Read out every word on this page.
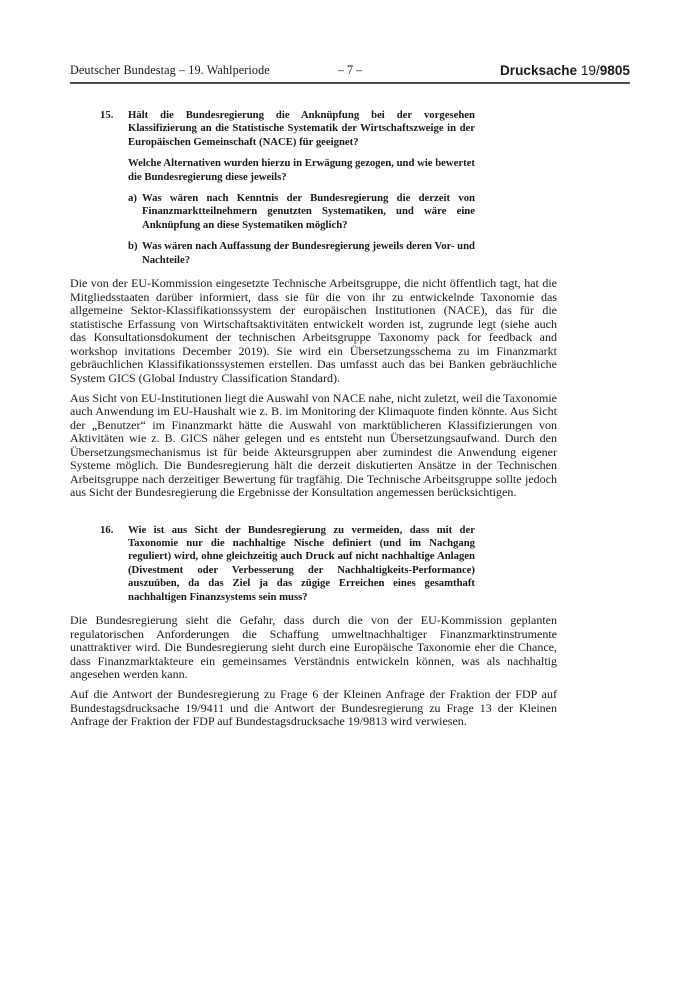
Deutscher Bundestag – 19. Wahlperiode	– 7 –	Drucksache 19/9805
15.	Hält die Bundesregierung die Anknüpfung bei der vorgesehen Klassifizierung an die Statistische Systematik der Wirtschaftszweige in der Europäischen Gemeinschaft (NACE) für geeignet?

Welche Alternativen wurden hierzu in Erwägung gezogen, und wie bewertet die Bundesregierung diese jeweils?

a) Was wären nach Kenntnis der Bundesregierung die derzeit von Finanzmarktteilnehmern genutzten Systematiken, und wäre eine Anknüpfung an diese Systematiken möglich?

b) Was wären nach Auffassung der Bundesregierung jeweils deren Vor- und Nachteile?

Die von der EU-Kommission eingesetzte Technische Arbeitsgruppe, die nicht öffentlich tagt, hat die Mitgliedsstaaten darüber informiert, dass sie für die von ihr zu entwickelnde Taxonomie das allgemeine Sektor-Klassifikationssystem der europäischen Institutionen (NACE), das für die statistische Erfassung von Wirtschaftsaktivitäten entwickelt worden ist, zugrunde legt (siehe auch das Konsultationsdokument der technischen Arbeitsgruppe Taxonomy pack for feedback and workshop invitations December 2019). Sie wird ein Übersetzungsschema zu im Finanzmarkt gebräuchlichen Klassifikationssystemen erstellen. Das umfasst auch das bei Banken gebräuchliche System GICS (Global Industry Classification Standard).

Aus Sicht von EU-Institutionen liegt die Auswahl von NACE nahe, nicht zuletzt, weil die Taxonomie auch Anwendung im EU-Haushalt wie z. B. im Monitoring der Klimaquote finden könnte. Aus Sicht der „Benutzer“ im Finanzmarkt hätte die Auswahl von marktüblicheren Klassifizierungen von Aktivitäten wie z. B. GICS näher gelegen und es entsteht nun Übersetzungsaufwand. Durch den Übersetzungsmechanismus ist für beide Akteursgruppen aber zumindest die Anwendung eigener Systeme möglich. Die Bundesregierung hält die derzeit diskutierten Ansätze in der Technischen Arbeitsgruppe nach derzeitiger Bewertung für tragfähig. Die Technische Arbeitsgruppe sollte jedoch aus Sicht der Bundesregierung die Ergebnisse der Konsultation angemessen berücksichtigen.

16.	Wie ist aus Sicht der Bundesregierung zu vermeiden, dass mit der Taxonomie nur die nachhaltige Nische definiert (und im Nachgang reguliert) wird, ohne gleichzeitig auch Druck auf nicht nachhaltige Anlagen (Divestment oder Verbesserung der Nachhaltigkeits-Performance) auszuüben, da das Ziel ja das zügige Erreichen eines gesamthaft nachhaltigen Finanzsystems sein muss?

Die Bundesregierung sieht die Gefahr, dass durch die von der EU-Kommission geplanten regulatorischen Anforderungen die Schaffung umweltnachhaltiger Finanzmarktinstrumente unattraktiver wird. Die Bundesregierung sieht durch eine Europäische Taxonomie eher die Chance, dass Finanzmarktakteure ein gemeinsames Verständnis entwickeln können, was als nachhaltig angesehen werden kann.

Auf die Antwort der Bundesregierung zu Frage 6 der Kleinen Anfrage der Fraktion der FDP auf Bundestagsdrucksache 19/9411 und die Antwort der Bundesregierung zu Frage 13 der Kleinen Anfrage der Fraktion der FDP auf Bundestagsdrucksache 19/9813 wird verwiesen.
